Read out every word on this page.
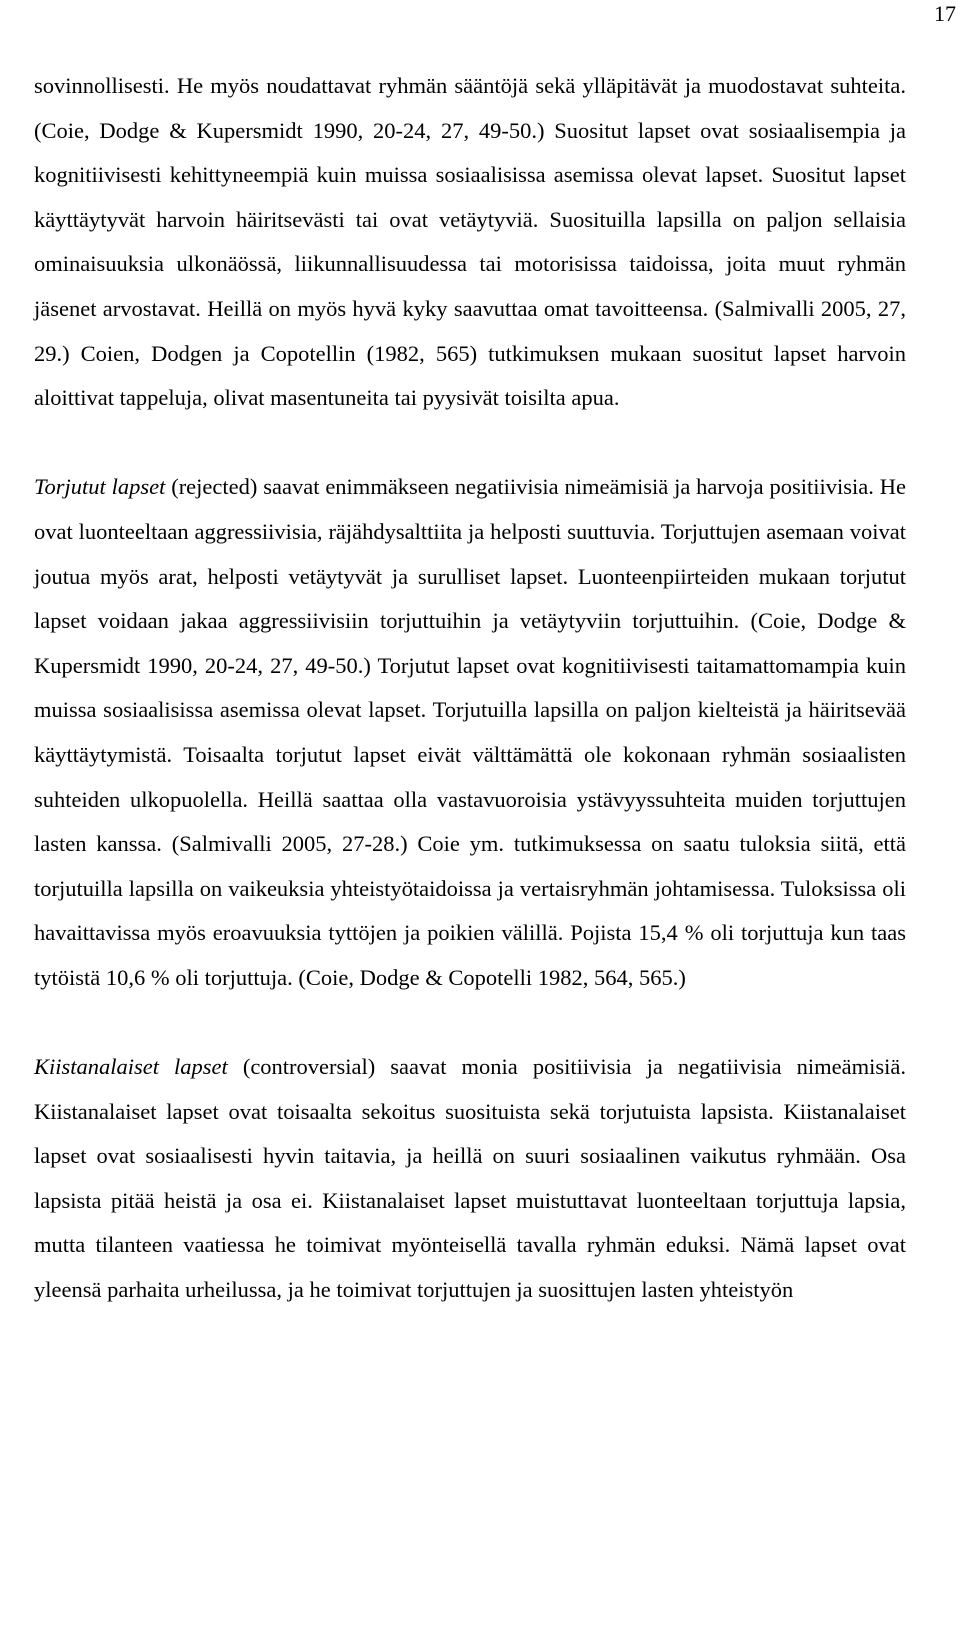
17

sovinnollisesti. He myös noudattavat ryhmän sääntöjä sekä ylläpitävät ja muodostavat suhteita. (Coie, Dodge & Kupersmidt 1990, 20-24, 27, 49-50.) Suositut lapset ovat sosiaalisempia ja kognitiivisesti kehittyneempiä kuin muissa sosiaalisissa asemissa olevat lapset. Suositut lapset käyttäytyvät harvoin häiritsevästi tai ovat vetäytyviä. Suosituilla lapsilla on paljon sellaisia ominaisuuksia ulkonäössä, liikunnallisuudessa tai motorisissa taidoissa, joita muut ryhmän jäsenet arvostavat. Heillä on myös hyvä kyky saavuttaa omat tavoitteensa. (Salmivalli 2005, 27, 29.) Coien, Dodgen ja Copotellin (1982, 565) tutkimuksen mukaan suositut lapset harvoin aloittivat tappeluja, olivat masentuneita tai pyysivät toisilta apua.

Torjutut lapset (rejected) saavat enimmäkseen negatiivisia nimeämisiä ja harvoja positiivisia. He ovat luonteeltaan aggressiivisia, räjähdysalttiita ja helposti suuttuvia. Torjuttujen asemaan voivat joutua myös arat, helposti vetäytyvät ja surulliset lapset. Luonteenpiirteiden mukaan torjutut lapset voidaan jakaa aggressiivisiin torjuttuihin ja vetäytyviin torjuttuihin. (Coie, Dodge & Kupersmidt 1990, 20-24, 27, 49-50.) Torjutut lapset ovat kognitiivisesti taitamattomampia kuin muissa sosiaalisissa asemissa olevat lapset. Torjutuilla lapsilla on paljon kielteistä ja häiritsevää käyttäytymistä. Toisaalta torjutut lapset eivät välttämättä ole kokonaan ryhmän sosiaalisten suhteiden ulkopuolella. Heillä saattaa olla vastavuoroisia ystävyyssuhteita muiden torjuttujen lasten kanssa. (Salmivalli 2005, 27-28.) Coie ym. tutkimuksessa on saatu tuloksia siitä, että torjutuilla lapsilla on vaikeuksia yhteistyötaidoissa ja vertaisryhmän johtamisessa. Tuloksissa oli havaittavissa myös eroavuuksia tyttöjen ja poikien välillä. Pojista 15,4 % oli torjuttuja kun taas tytöistä 10,6 % oli torjuttuja. (Coie, Dodge & Copotelli 1982, 564, 565.)

Kiistanalaiset lapset (controversial) saavat monia positiivisia ja negatiivisia nimeämisiä. Kiistanalaiset lapset ovat toisaalta sekoitus suosituista sekä torjutuista lapsista. Kiistanalaiset lapset ovat sosiaalisesti hyvin taitavia, ja heillä on suuri sosiaalinen vaikutus ryhmään. Osa lapsista pitää heistä ja osa ei. Kiistanalaiset lapset muistuttavat luonteeltaan torjuttuja lapsia, mutta tilanteen vaatiessa he toimivat myönteisellä tavalla ryhmän eduksi. Nämä lapset ovat yleensä parhaita urheilussa, ja he toimivat torjuttujen ja suosittujen lasten yhteistyön
